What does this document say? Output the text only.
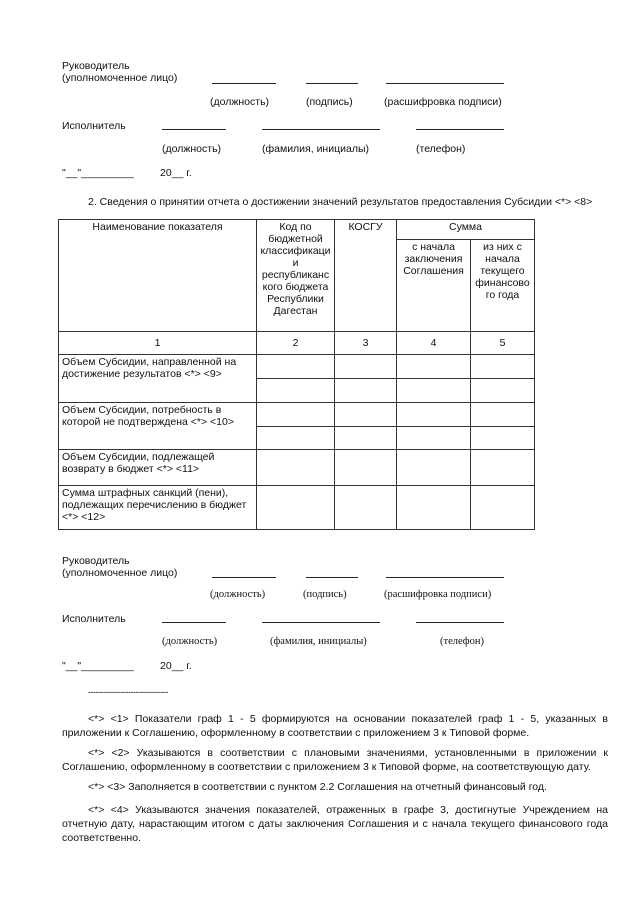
Руководитель
(уполномоченное лицо)
(должность)	(подпись)	(расшифровка подписи)
Исполнитель
(должность)	(фамилия, инициалы)	(телефон)
"__"_________	20__ г.
2. Сведения о принятии отчета о достижении значений результатов предоставления Субсидии <*> <8>
Наименование показателя	Код по бюджетной классификаци и республиканс кого бюджета Республики Дагестан	КОСГУ	Сумма	
			с начала заключения Соглашения	из них с начала текущего финансово го года
1	2	3	4	5
Объем Субсидии, направленной на достижение результатов <*> <9>				

Объем Субсидии, потребность в которой не подтверждена <*> <10>				

Объем Субсидии, подлежащей возврату в бюджет <*> <11>				
Сумма штрафных санкций (пени), подлежащих перечислению в бюджет <*> <12>				
Руководитель
(уполномоченное лицо)
(должность)	(подпись)	(расшифровка подписи)
Исполнитель
(должность)	(фамилия, инициалы)	(телефон)
"__"_________	20__ г.
--------------------------------
<*> <1> Показатели граф 1 - 5 формируются на основании показателей граф 1 - 5, указанных в приложении к Соглашению, оформленному в соответствии с приложением 3 к Типовой форме.
<*> <2> Указываются в соответствии с плановыми значениями, установленными в приложении к Соглашению, оформленному в соответствии с приложением 3 к Типовой форме, на соответствующую дату.
<*> <3> Заполняется в соответствии с пунктом 2.2 Соглашения на отчетный финансовый год.
<*> <4> Указываются значения показателей, отраженных в графе 3, достигнутые Учреждением на отчетную дату, нарастающим итогом с даты заключения Соглашения и с начала текущего финансового года соответственно.
